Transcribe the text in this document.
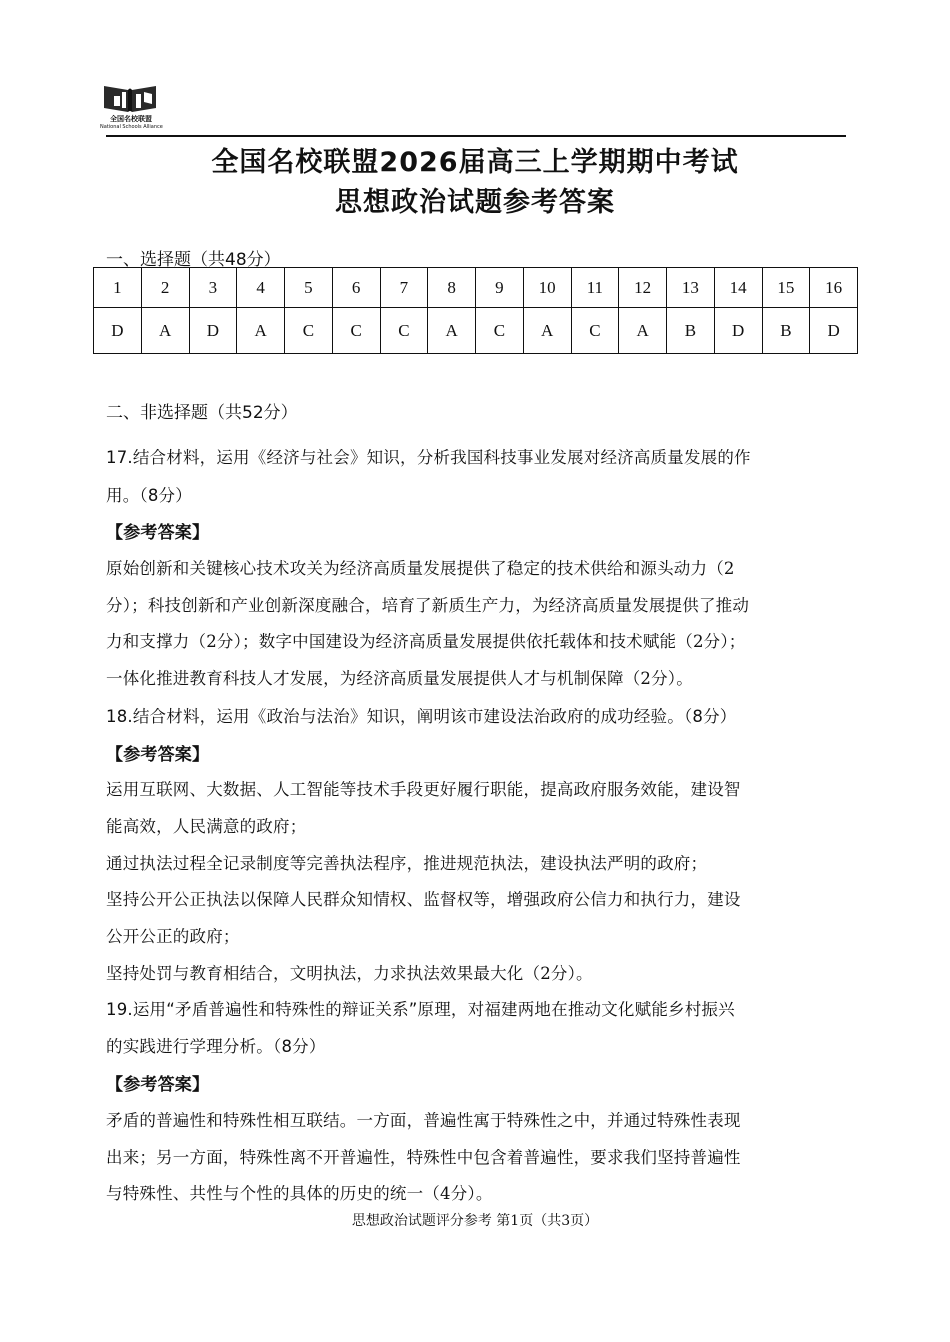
全国名校联盟
National Schools Alliance
全国名校联盟2026届高三上学期期中考试
思想政治试题参考答案
一、选择题（共48分）
1	2	3	4	5	6	7	8	9	10	11	12	13	14	15	16
D	A	D	A	C	C	C	A	C	A	C	A	B	D	B	D
二、非选择题（共52分）
17.结合材料，运用《经济与社会》知识，分析我国科技事业发展对经济高质量发展的作
用。（8分）
【参考答案】
原始创新和关键核心技术攻关为经济高质量发展提供了稳定的技术供给和源头动力（2
分）；科技创新和产业创新深度融合，培育了新质生产力，为经济高质量发展提供了推动
力和支撑力（2分）；数字中国建设为经济高质量发展提供依托载体和技术赋能（2分）；
一体化推进教育科技人才发展，为经济高质量发展提供人才与机制保障（2分）。
18.结合材料，运用《政治与法治》知识，阐明该市建设法治政府的成功经验。（8分）
【参考答案】
运用互联网、大数据、人工智能等技术手段更好履行职能，提高政府服务效能，建设智
能高效，人民满意的政府；
通过执法过程全记录制度等完善执法程序，推进规范执法，建设执法严明的政府；
坚持公开公正执法以保障人民群众知情权、监督权等，增强政府公信力和执行力，建设
公开公正的政府；
坚持处罚与教育相结合，文明执法，力求执法效果最大化（2分）。
19.运用“矛盾普遍性和特殊性的辩证关系”原理，对福建两地在推动文化赋能乡村振兴
的实践进行学理分析。（8分）
【参考答案】
矛盾的普遍性和特殊性相互联结。一方面，普遍性寓于特殊性之中，并通过特殊性表现
出来；另一方面，特殊性离不开普遍性，特殊性中包含着普遍性，要求我们坚持普遍性
与特殊性、共性与个性的具体的历史的统一（4分）。
思想政治试题评分参考 第1页（共3页）
